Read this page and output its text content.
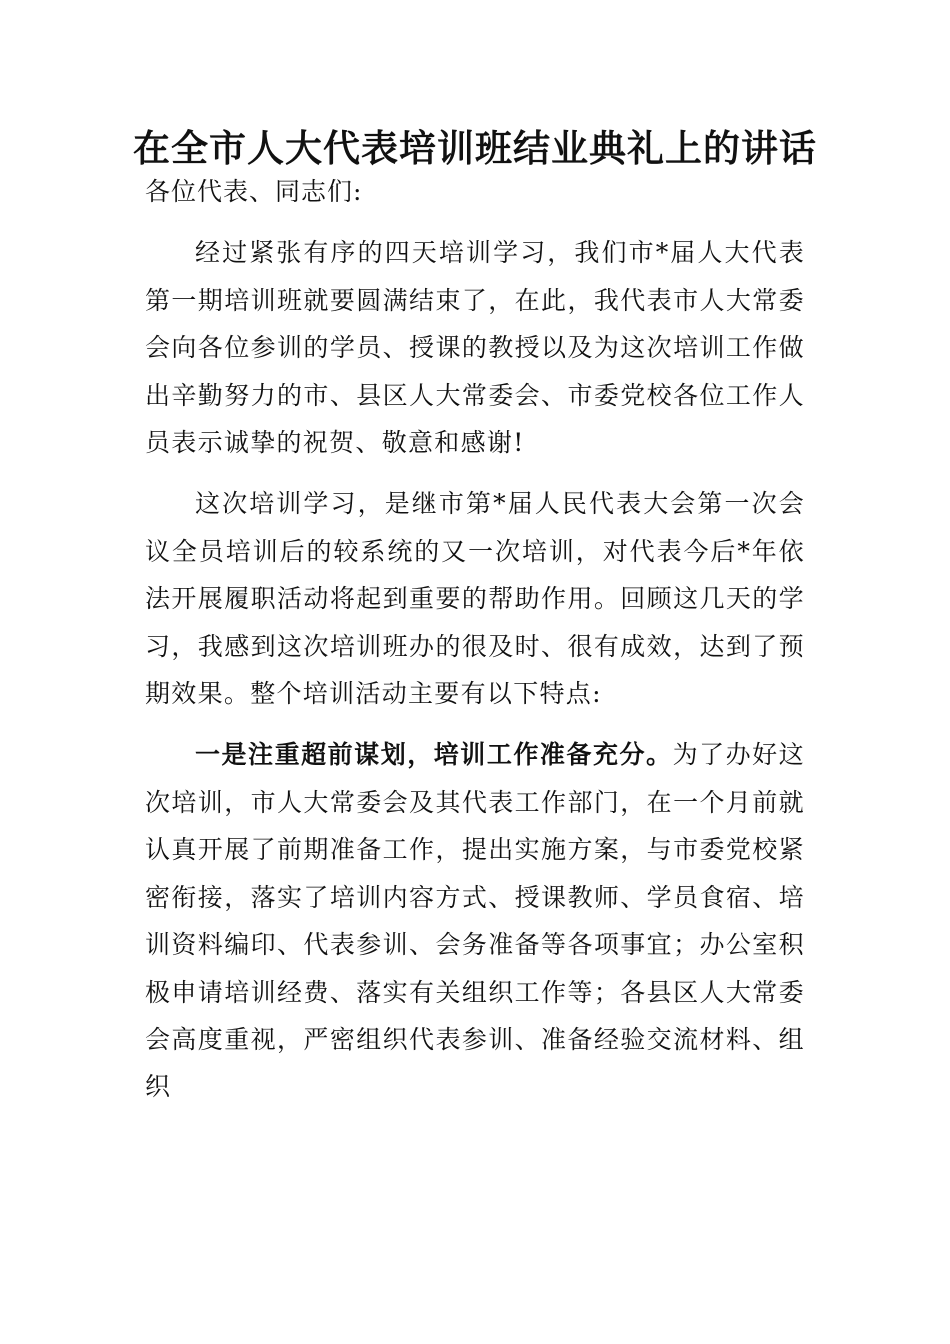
在全市人大代表培训班结业典礼上的讲话

各位代表、同志们:

经过紧张有序的四天培训学习，我们市*届人大代表第一期培训班就要圆满结束了，在此，我代表市人大常委会向各位参训的学员、授课的教授以及为这次培训工作做出辛勤努力的市、县区人大常委会、市委党校各位工作人员表示诚挚的祝贺、敬意和感谢!

这次培训学习，是继市第*届人民代表大会第一次会议全员培训后的较系统的又一次培训，对代表今后*年依法开展履职活动将起到重要的帮助作用。回顾这几天的学习，我感到这次培训班办的很及时、很有成效，达到了预期效果。整个培训活动主要有以下特点:

一是注重超前谋划，培训工作准备充分。为了办好这次培训，市人大常委会及其代表工作部门，在一个月前就认真开展了前期准备工作，提出实施方案，与市委党校紧密衔接，落实了培训内容方式、授课教师、学员食宿、培训资料编印、代表参训、会务准备等各项事宜；办公室积极申请培训经费、落实有关组织工作等；各县区人大常委会高度重视，严密组织代表参训、准备经验交流材料、组织
